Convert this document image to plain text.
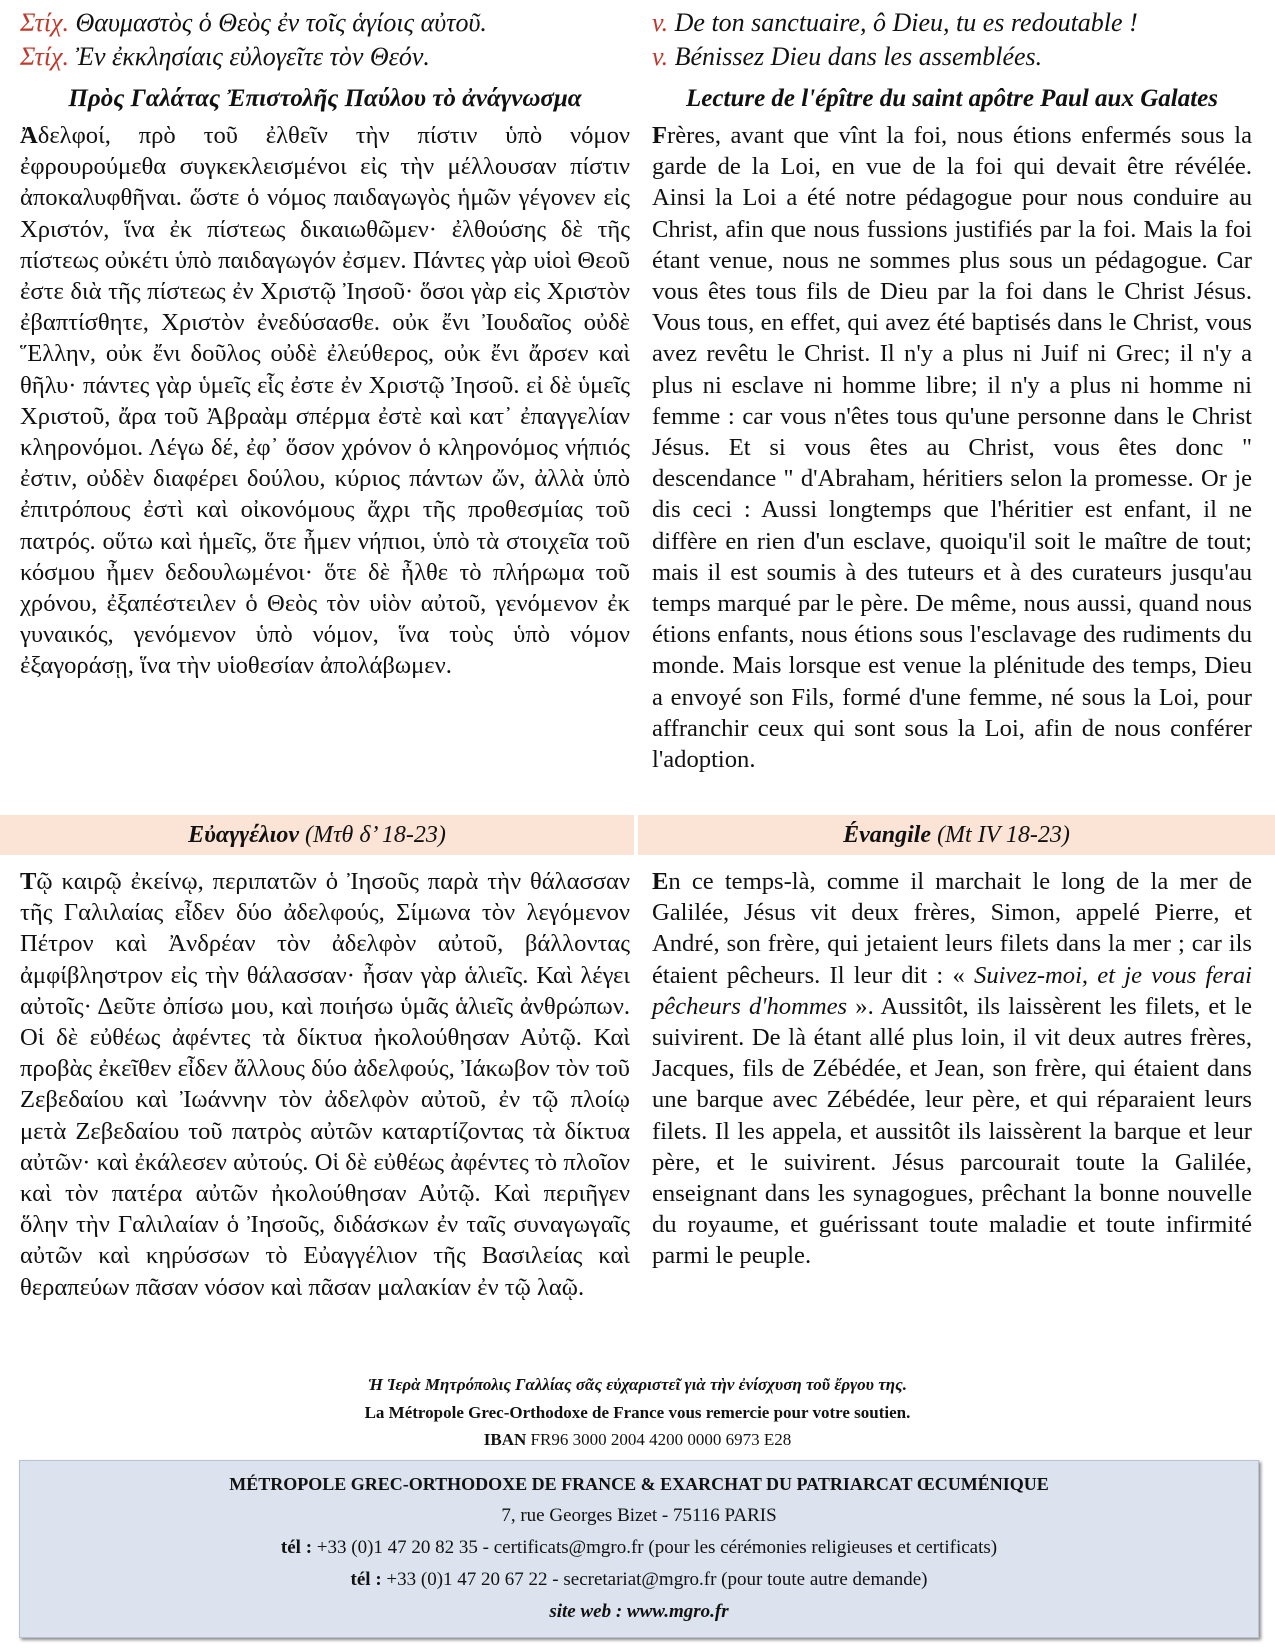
Στίχ. Θαυμαστὸς ὁ Θεὸς ἐν τοῖς ἁγίοις αὐτοῦ.
Στίχ. Ἐν ἐκκλησίαις εὐλογεῖτε τὸν Θεόν.
v. De ton sanctuaire, ô Dieu, tu es redoutable !
v. Bénissez Dieu dans les assemblées.
Πρὸς Γαλάτας Ἐπιστολῆς Παύλου τὸ ἀνάγνωσμα	Lecture de l'épître du saint apôtre Paul aux Galates
Ἀδελφοί, πρὸ τοῦ ἐλθεῖν τὴν πίστιν ὑπὸ νόμον ἐφρουρούμεθα συγκεκλεισμένοι εἰς τὴν μέλλουσαν πίστιν ἀποκαλυφθῆναι. ὥστε ὁ νόμος παιδαγωγὸς ἡμῶν γέγονεν εἰς Χριστόν, ἵνα ἐκ πίστεως δικαιωθῶμεν· ἐλθούσης δὲ τῆς πίστεως οὐκέτι ὑπὸ παιδαγωγόν ἐσμεν. Πάντες γὰρ υἱοὶ Θεοῦ ἐστε διὰ τῆς πίστεως ἐν Χριστῷ Ἰησοῦ· ὅσοι γὰρ εἰς Χριστὸν ἐβαπτίσθητε, Χριστὸν ἐνεδύσασθε. οὐκ ἔνι Ἰουδαῖος οὐδὲ Ἕλλην, οὐκ ἔνι δοῦλος οὐδὲ ἐλεύθερος, οὐκ ἔνι ἄρσεν καὶ θῆλυ· πάντες γὰρ ὑμεῖς εἷς ἐστε ἐν Χριστῷ Ἰησοῦ. εἰ δὲ ὑμεῖς Χριστοῦ, ἄρα τοῦ Ἀβραὰμ σπέρμα ἐστὲ καὶ κατ᾿ ἐπαγγελίαν κληρονόμοι. Λέγω δέ, ἐφ᾿ ὅσον χρόνον ὁ κληρονόμος νήπιός ἐστιν, οὐδὲν διαφέρει δούλου, κύριος πάντων ὤν, ἀλλὰ ὑπὸ ἐπιτρόπους ἐστὶ καὶ οἰκονόμους ἄχρι τῆς προθεσμίας τοῦ πατρός. οὕτω καὶ ἡμεῖς, ὅτε ἦμεν νήπιοι, ὑπὸ τὰ στοιχεῖα τοῦ κόσμου ἦμεν δεδουλωμένοι· ὅτε δὲ ἦλθε τὸ πλήρωμα τοῦ χρόνου, ἐξαπέστειλεν ὁ Θεὸς τὸν υἱὸν αὐτοῦ, γενόμενον ἐκ γυναικός, γενόμενον ὑπὸ νόμον, ἵνα τοὺς ὑπὸ νόμον ἐξαγοράσῃ, ἵνα τὴν υἱοθεσίαν ἀπολάβωμεν.
Frères, avant que vînt la foi, nous étions enfermés sous la garde de la Loi, en vue de la foi qui devait être révélée. Ainsi la Loi a été notre pédagogue pour nous conduire au Christ, afin que nous fussions justifiés par la foi. Mais la foi étant venue, nous ne sommes plus sous un pédagogue. Car vous êtes tous fils de Dieu par la foi dans le Christ Jésus. Vous tous, en effet, qui avez été baptisés dans le Christ, vous avez revêtu le Christ. Il n'y a plus ni Juif ni Grec; il n'y a plus ni esclave ni homme libre; il n'y a plus ni homme ni femme : car vous n'êtes tous qu'une personne dans le Christ Jésus. Et si vous êtes au Christ, vous êtes donc " descendance " d'Abraham, héritiers selon la promesse. Or je dis ceci : Aussi longtemps que l'héritier est enfant, il ne diffère en rien d'un esclave, quoiqu'il soit le maître de tout; mais il est soumis à des tuteurs et à des curateurs jusqu'au temps marqué par le père. De même, nous aussi, quand nous étions enfants, nous étions sous l'esclavage des rudiments du monde. Mais lorsque est venue la plénitude des temps, Dieu a envoyé son Fils, formé d'une femme, né sous la Loi, pour affranchir ceux qui sont sous la Loi, afin de nous conférer l'adoption.
Εὐαγγέλιον (Μτθ δ’ 18-23)	Évangile (Mt IV 18-23)
Τῷ καιρῷ ἐκείνῳ, περιπατῶν ὁ Ἰησοῦς παρὰ τὴν θάλασσαν τῆς Γαλιλαίας εἶδεν δύο ἀδελφούς, Σίμωνα τὸν λεγόμενον Πέτρον καὶ Ἀνδρέαν τὸν ἀδελφὸν αὐτοῦ, βάλλοντας ἀμφίβληστρον εἰς τὴν θάλασσαν· ἦσαν γὰρ ἁλιεῖς. Καὶ λέγει αὐτοῖς· Δεῦτε ὀπίσω μου, καὶ ποιήσω ὑμᾶς ἁλιεῖς ἀνθρώπων. Οἱ δὲ εὐθέως ἀφέντες τὰ δίκτυα ἠκολούθησαν Αὐτῷ. Καὶ προβὰς ἐκεῖθεν εἶδεν ἄλλους δύο ἀδελφούς, Ἰάκωβον τὸν τοῦ Ζεβεδαίου καὶ Ἰωάννην τὸν ἀδελφὸν αὐτοῦ, ἐν τῷ πλοίῳ μετὰ Ζεβεδαίου τοῦ πατρὸς αὐτῶν καταρτίζοντας τὰ δίκτυα αὐτῶν· καὶ ἐκάλεσεν αὐτούς. Οἱ δὲ εὐθέως ἀφέντες τὸ πλοῖον καὶ τὸν πατέρα αὐτῶν ἠκολούθησαν Αὐτῷ. Καὶ περιῆγεν ὅλην τὴν Γαλιλαίαν ὁ Ἰησοῦς, διδάσκων ἐν ταῖς συναγωγαῖς αὐτῶν καὶ κηρύσσων τὸ Εὐαγγέλιον τῆς Βασιλείας καὶ θεραπεύων πᾶσαν νόσον καὶ πᾶσαν μαλακίαν ἐν τῷ λαῷ.
En ce temps-là, comme il marchait le long de la mer de Galilée, Jésus vit deux frères, Simon, appelé Pierre, et André, son frère, qui jetaient leurs filets dans la mer ; car ils étaient pêcheurs. Il leur dit : « Suivez-moi, et je vous ferai pêcheurs d'hommes ». Aussitôt, ils laissèrent les filets, et le suivirent. De là étant allé plus loin, il vit deux autres frères, Jacques, fils de Zébédée, et Jean, son frère, qui étaient dans une barque avec Zébédée, leur père, et qui réparaient leurs filets. Il les appela, et aussitôt ils laissèrent la barque et leur père, et le suivirent. Jésus parcourait toute la Galilée, enseignant dans les synagogues, prêchant la bonne nouvelle du royaume, et guérissant toute maladie et toute infirmité parmi le peuple.
Ἡ Ἱερὰ Μητρόπολις Γαλλίας σᾶς εὐχαριστεῖ γιὰ τὴν ἐνίσχυση τοῦ ἔργου της.
La Métropole Grec-Orthodoxe de France vous remercie pour votre soutien.
IBAN FR96 3000 2004 4200 0000 6973 E28
MÉTROPOLE GREC-ORTHODOXE DE FRANCE & EXARCHAT DU PATRIARCAT ŒCUMÉNIQUE
7, rue Georges Bizet - 75116 PARIS
tél : +33 (0)1 47 20 82 35 - certificats@mgro.fr (pour les cérémonies religieuses et certificats)
tél : +33 (0)1 47 20 67 22 - secretariat@mgro.fr (pour toute autre demande)
site web : www.mgro.fr
